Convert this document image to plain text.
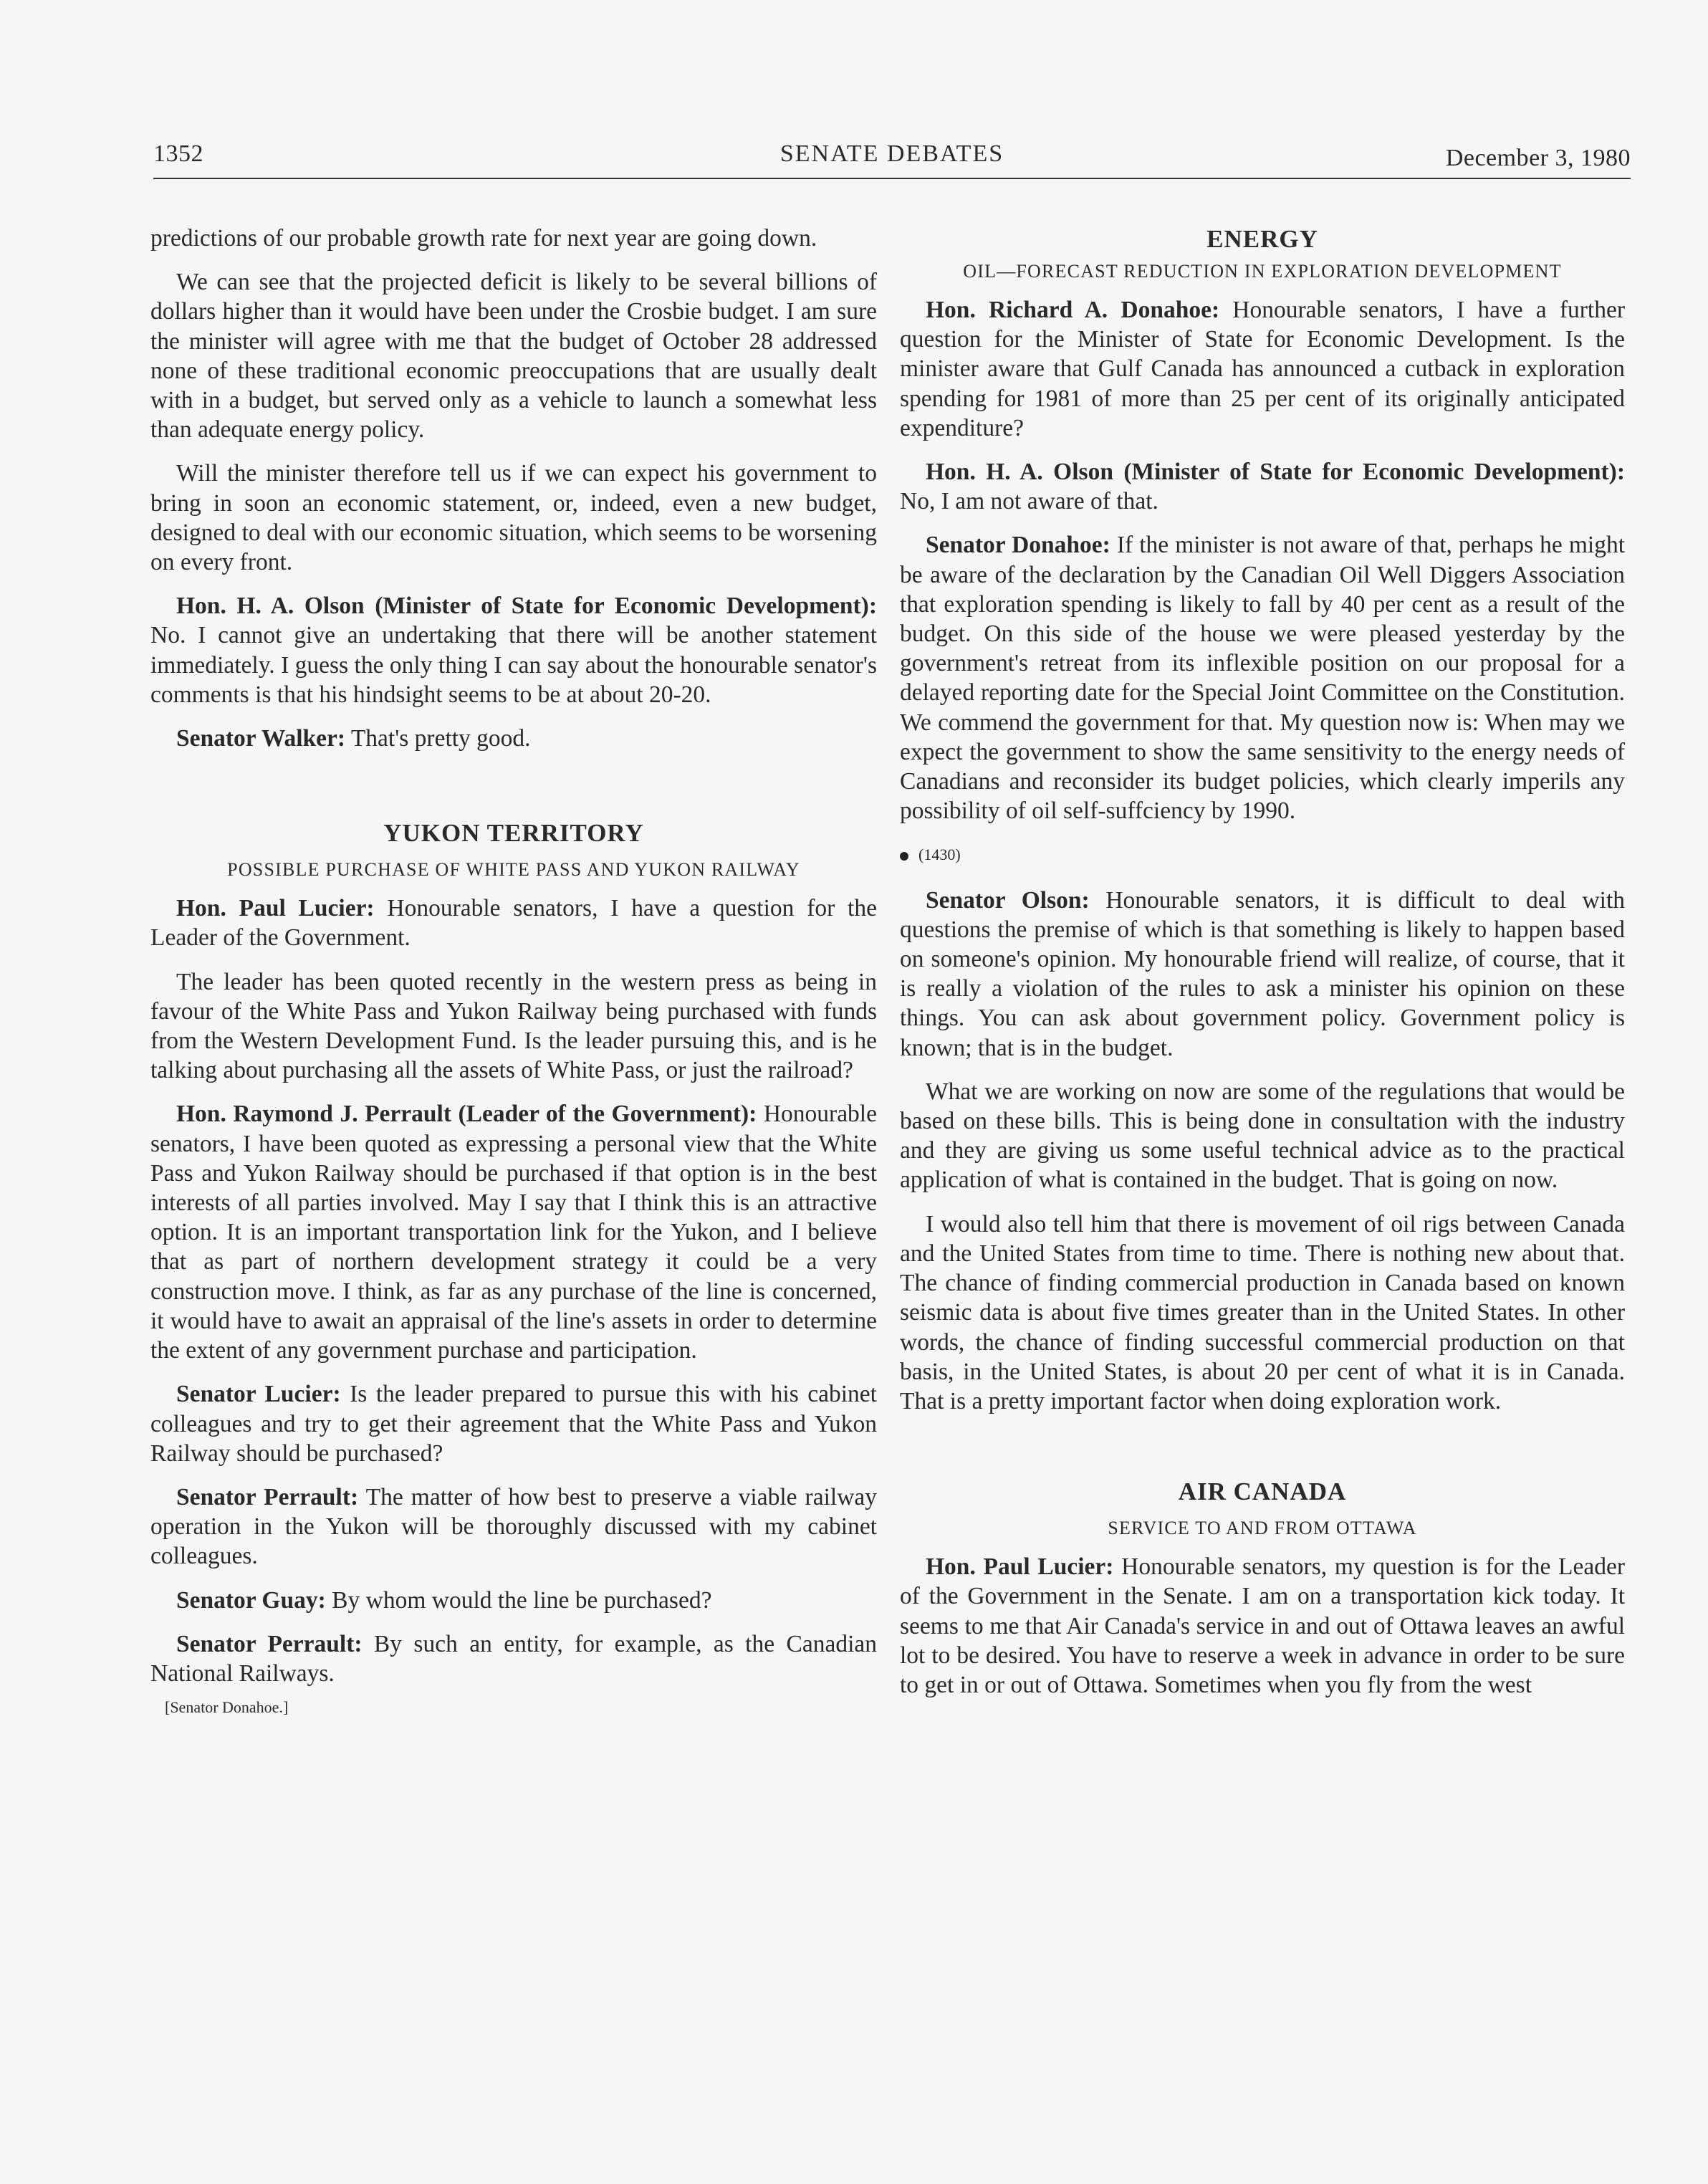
1352	SENATE DEBATES	December 3, 1980

predictions of our probable growth rate for next year are going down.

We can see that the projected deficit is likely to be several billions of dollars higher than it would have been under the Crosbie budget. I am sure the minister will agree with me that the budget of October 28 addressed none of these traditional economic preoccupations that are usually dealt with in a budget, but served only as a vehicle to launch a somewhat less than adequate energy policy.

Will the minister therefore tell us if we can expect his government to bring in soon an economic statement, or, indeed, even a new budget, designed to deal with our economic situation, which seems to be worsening on every front.

Hon. H. A. Olson (Minister of State for Economic Development): No. I cannot give an undertaking that there will be another statement immediately. I guess the only thing I can say about the honourable senator's comments is that his hindsight seems to be at about 20-20.

Senator Walker: That's pretty good.

YUKON TERRITORY
POSSIBLE PURCHASE OF WHITE PASS AND YUKON RAILWAY

Hon. Paul Lucier: Honourable senators, I have a question for the Leader of the Government.

The leader has been quoted recently in the western press as being in favour of the White Pass and Yukon Railway being purchased with funds from the Western Development Fund. Is the leader pursuing this, and is he talking about purchasing all the assets of White Pass, or just the railroad?

Hon. Raymond J. Perrault (Leader of the Government): Honourable senators, I have been quoted as expressing a personal view that the White Pass and Yukon Railway should be purchased if that option is in the best interests of all parties involved. May I say that I think this is an attractive option. It is an important transportation link for the Yukon, and I believe that as part of northern development strategy it could be a very construction move. I think, as far as any purchase of the line is concerned, it would have to await an appraisal of the line's assets in order to determine the extent of any government purchase and participation.

Senator Lucier: Is the leader prepared to pursue this with his cabinet colleagues and try to get their agreement that the White Pass and Yukon Railway should be purchased?

Senator Perrault: The matter of how best to preserve a viable railway operation in the Yukon will be thoroughly discussed with my cabinet colleagues.

Senator Guay: By whom would the line be purchased?

Senator Perrault: By such an entity, for example, as the Canadian National Railways.

[Senator Donahoe.]
ENERGY
OIL—FORECAST REDUCTION IN EXPLORATION DEVELOPMENT

Hon. Richard A. Donahoe: Honourable senators, I have a further question for the Minister of State for Economic Development. Is the minister aware that Gulf Canada has announced a cutback in exploration spending for 1981 of more than 25 per cent of its originally anticipated expenditure?

Hon. H. A. Olson (Minister of State for Economic Development): No, I am not aware of that.

Senator Donahoe: If the minister is not aware of that, perhaps he might be aware of the declaration by the Canadian Oil Well Diggers Association that exploration spending is likely to fall by 40 per cent as a result of the budget. On this side of the house we were pleased yesterday by the government's retreat from its inflexible position on our proposal for a delayed reporting date for the Special Joint Committee on the Constitution. We commend the government for that. My question now is: When may we expect the government to show the same sensitivity to the energy needs of Canadians and reconsider its budget policies, which clearly imperils any possibility of oil self-suffciency by 1990.

(1430)

Senator Olson: Honourable senators, it is difficult to deal with questions the premise of which is that something is likely to happen based on someone's opinion. My honourable friend will realize, of course, that it is really a violation of the rules to ask a minister his opinion on these things. You can ask about government policy. Government policy is known; that is in the budget.

What we are working on now are some of the regulations that would be based on these bills. This is being done in consultation with the industry and they are giving us some useful technical advice as to the practical application of what is contained in the budget. That is going on now.

I would also tell him that there is movement of oil rigs between Canada and the United States from time to time. There is nothing new about that. The chance of finding commercial production in Canada based on known seismic data is about five times greater than in the United States. In other words, the chance of finding successful commercial production on that basis, in the United States, is about 20 per cent of what it is in Canada. That is a pretty important factor when doing exploration work.

AIR CANADA
SERVICE TO AND FROM OTTAWA

Hon. Paul Lucier: Honourable senators, my question is for the Leader of the Government in the Senate. I am on a transportation kick today. It seems to me that Air Canada's service in and out of Ottawa leaves an awful lot to be desired. You have to reserve a week in advance in order to be sure to get in or out of Ottawa. Sometimes when you fly from the west
